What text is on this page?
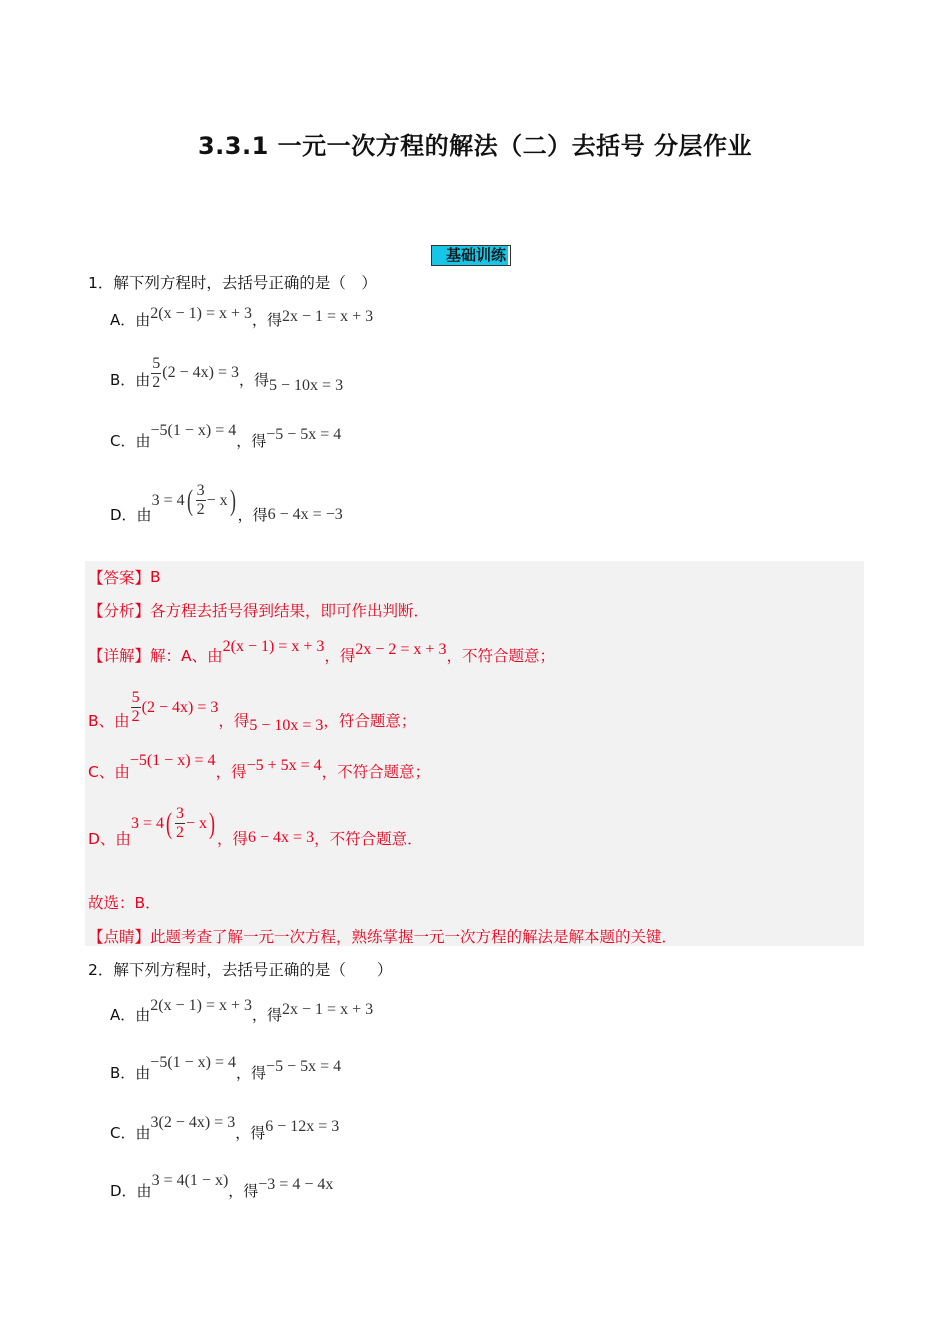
3.3.1 一元一次方程的解法（二）去括号 分层作业
基础训练
1．解下列方程时，去括号正确的是（　）
A．由 2(x − 1) = x + 3 ，得 2x − 1 = x + 3
B．由 $\frac{5}{2} (2 - 4x) = 3$ ，得 5 − 10x = 3
C．由
−5(1 − x) = 4
，得 −5 − 5x = 4
D．由
3 = 4 ( $\frac{3}{2} - x$ ) ，得 6 − 4x = −3
【答案】 B
【分析】 各方程去括号得到结果，即可作出判断．
【详解】 解：A、由
2(x − 1) = x + 3
，得 2x − 2 = x + 3 ，不符合题意；
B、由 $\frac{5}{2} (2 - 4x) = 3$
，得 5 − 10x = 3 ，符合题意；
C、由
−5(1 − x) = 4
，得 −5 + 5x = 4 ，不符合题意；
D、由
3 = 4 ( $\frac{3}{2} - x$ ) ，得 6 − 4x = 3 ，不符合题意．
故选：B．
【点睛】 此题考查了解一元一次方程，熟练掌握一元一次方程的解法是解本题的关键．
2．解下列方程时，去括号正确的是（　　）
A．由
2(x − 1) = x + 3
，得 2x − 1 = x + 3
B．由
−5(1 − x) = 4
，得 −5 − 5x = 4
C．由
3(2 − 4x) = 3
，得 6 − 12x = 3
D．由
3 = 4(1 − x)
，得 −3 = 4 − 4x
